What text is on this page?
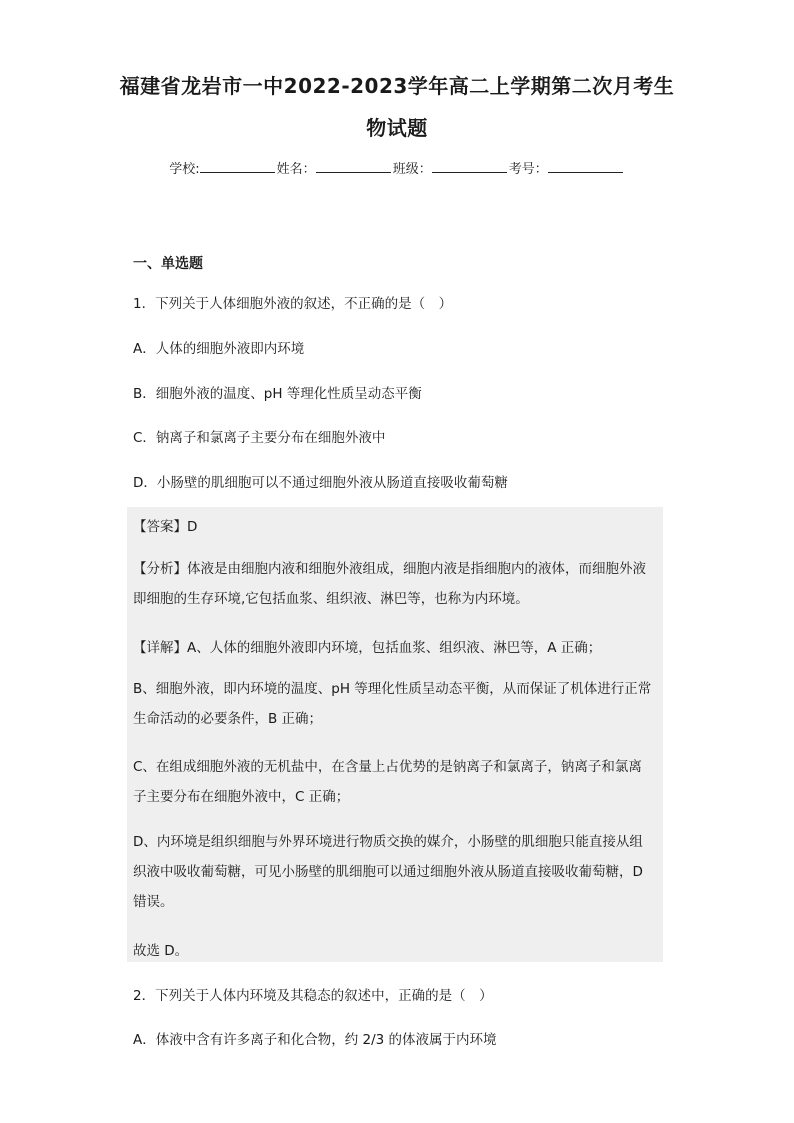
福建省龙岩市一中2022-2023学年高二上学期第二次月考生
物试题
学校:	姓名：	班级：	考号：
一、单选题
1．下列关于人体细胞外液的叙述，不正确的是（　）
A．人体的细胞外液即内环境
B．细胞外液的温度、pH 等理化性质呈动态平衡
C．钠离子和氯离子主要分布在细胞外液中
D．小肠壁的肌细胞可以不通过细胞外液从肠道直接吸收葡萄糖
【答案】D
【分析】体液是由细胞内液和细胞外液组成，细胞内液是指细胞内的液体，而细胞外液
即细胞的生存环境,它包括血浆、组织液、淋巴等，也称为内环境。
【详解】A、人体的细胞外液即内环境，包括血浆、组织液、淋巴等，A 正确；
B、细胞外液，即内环境的温度、pH 等理化性质呈动态平衡，从而保证了机体进行正常
生命活动的必要条件，B 正确；
C、在组成细胞外液的无机盐中，在含量上占优势的是钠离子和氯离子，钠离子和氯离
子主要分布在细胞外液中，C 正确；
D、内环境是组织细胞与外界环境进行物质交换的媒介，小肠壁的肌细胞只能直接从组
织液中吸收葡萄糖，可见小肠壁的肌细胞可以通过细胞外液从肠道直接吸收葡萄糖，D
错误。
故选 D。
2．下列关于人体内环境及其稳态的叙述中，正确的是（　）
A．体液中含有许多离子和化合物，约 2/3 的体液属于内环境
